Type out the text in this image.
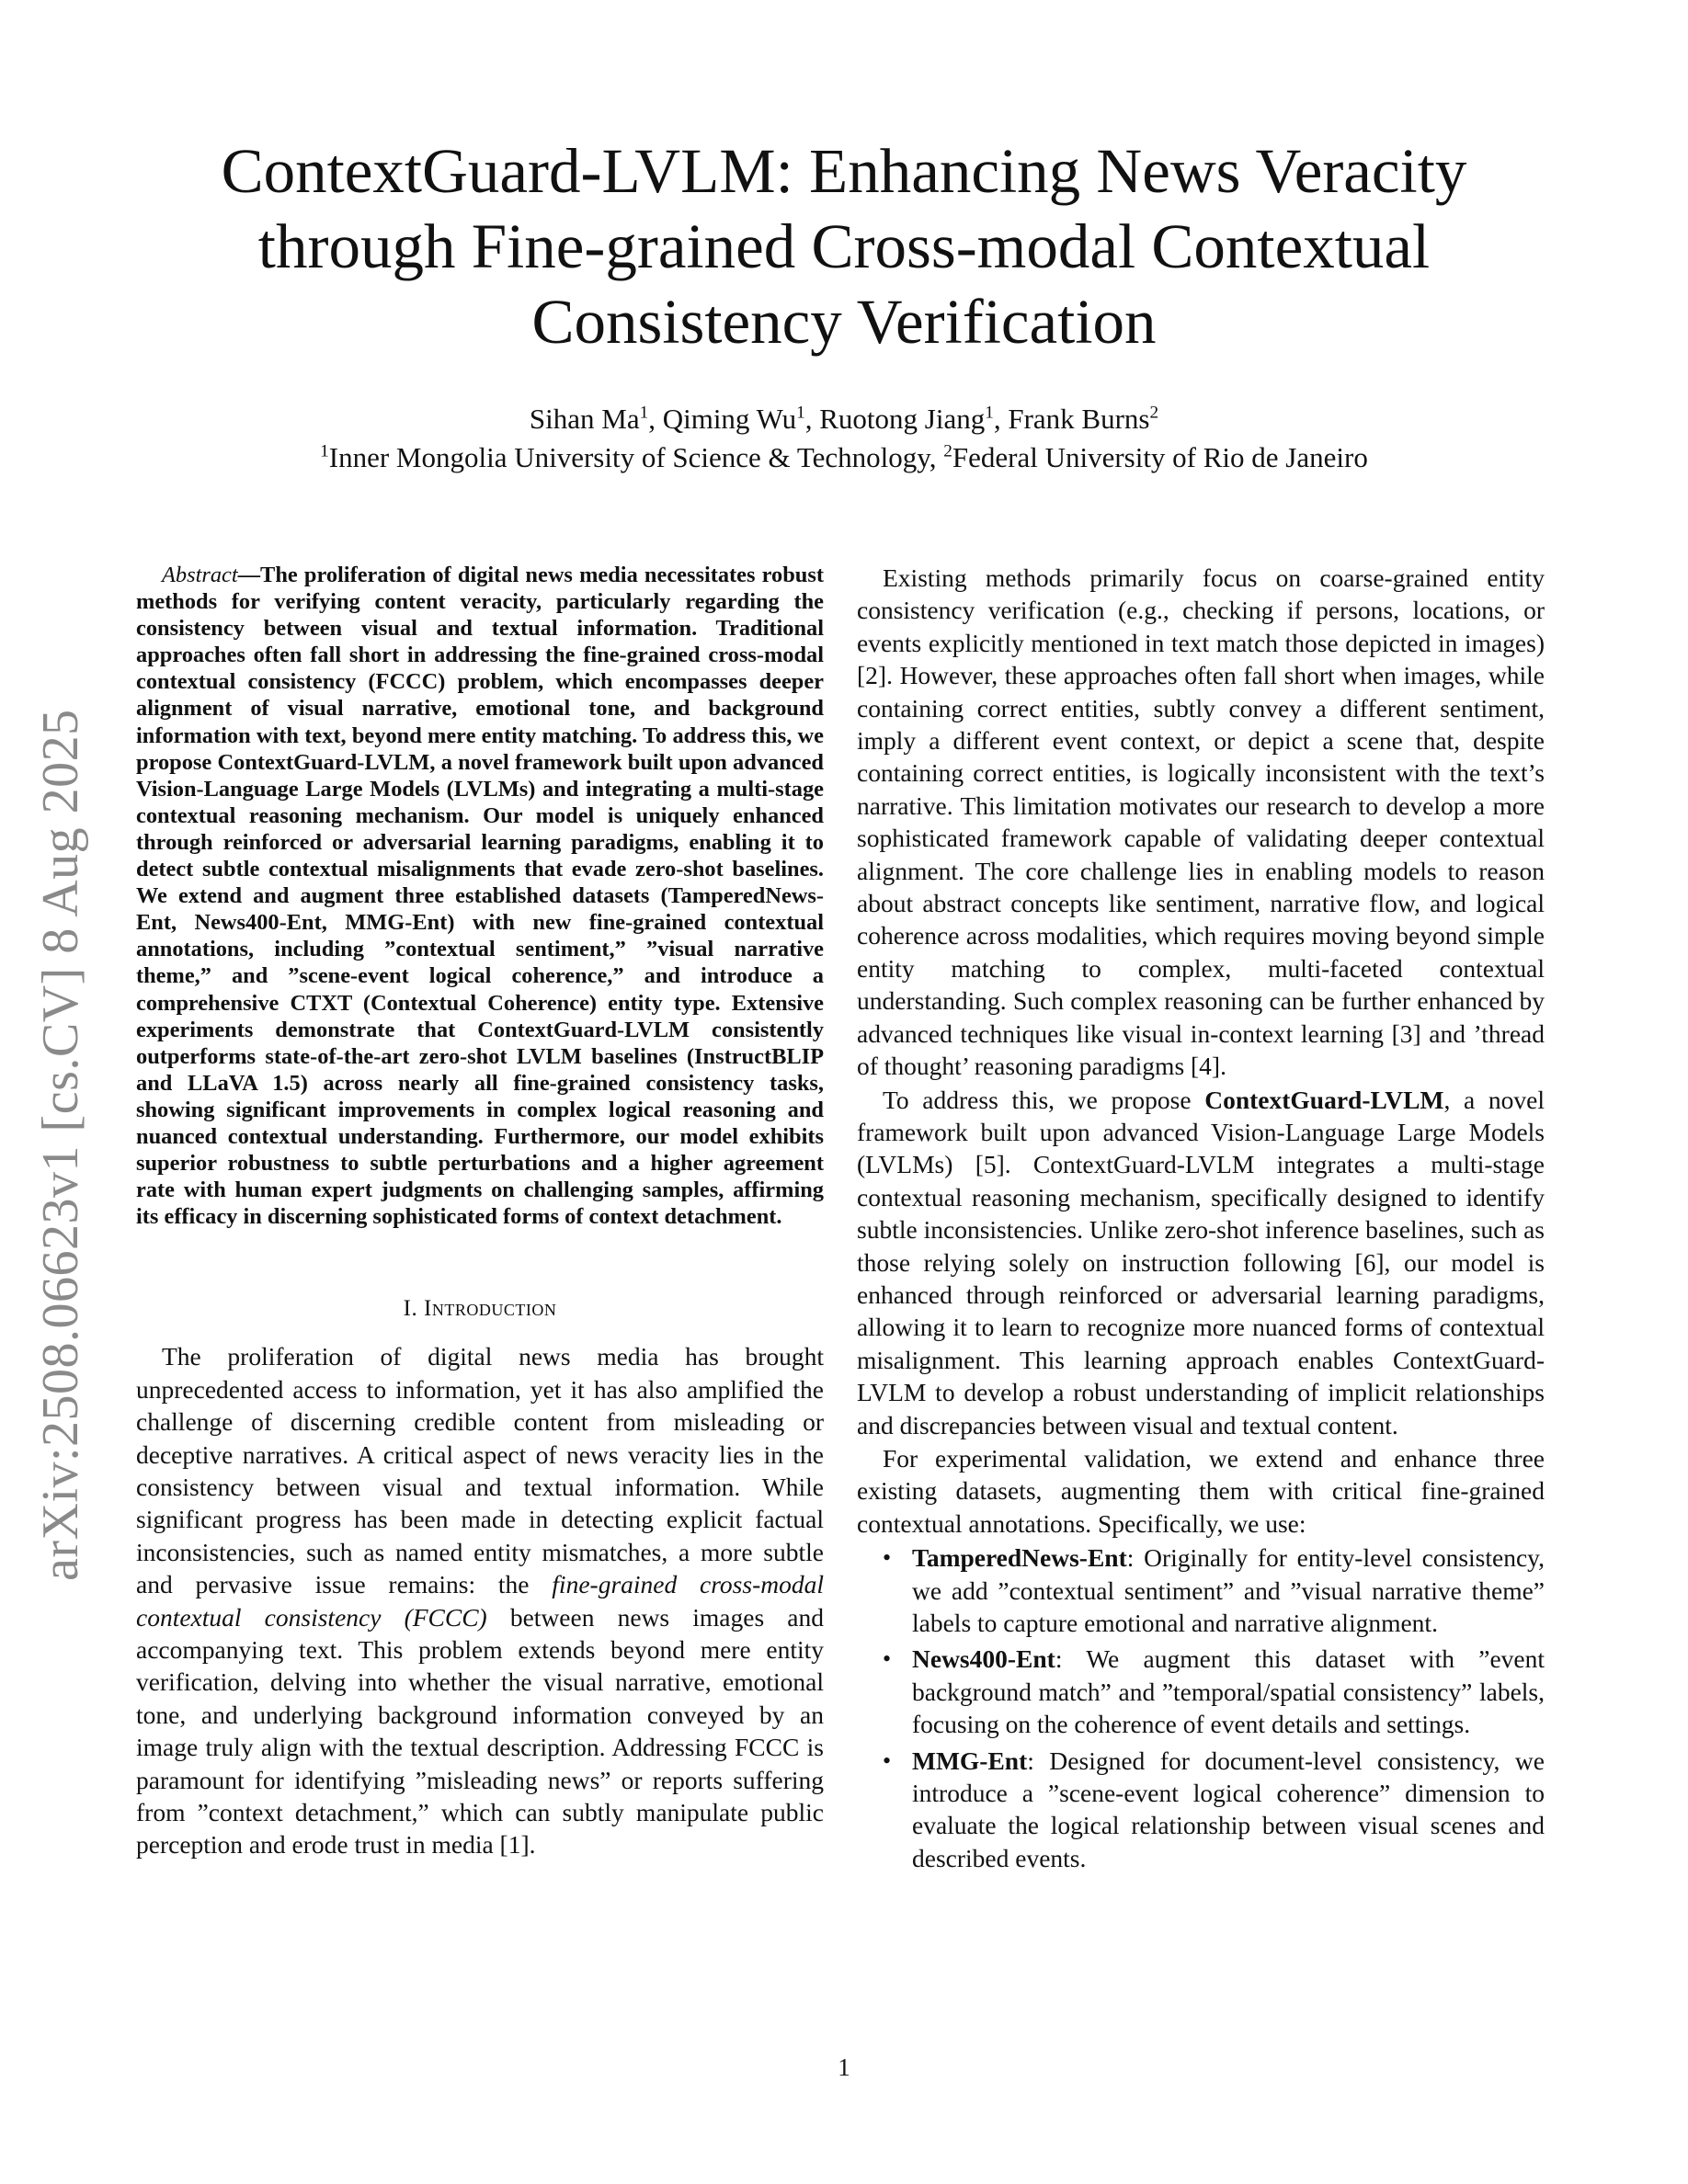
arXiv:2508.06623v1 [cs.CV] 8 Aug 2025
ContextGuard-LVLM: Enhancing News Veracity through Fine-grained Cross-modal Contextual Consistency Verification
Sihan Ma$^1$, Qiming Wu$^1$, Ruotong Jiang$^1$, Frank Burns$^2$
$^1$Inner Mongolia University of Science & Technology, $^2$Federal University of Rio de Janeiro

Abstract—The proliferation of digital news media necessitates robust methods for verifying content veracity, particularly regarding the consistency between visual and textual information. Traditional approaches often fall short in addressing the fine-grained cross-modal contextual consistency (FCCC) problem, which encompasses deeper alignment of visual narrative, emotional tone, and background information with text, beyond mere entity matching. To address this, we propose ContextGuard-LVLM, a novel framework built upon advanced Vision-Language Large Models (LVLMs) and integrating a multi-stage contextual reasoning mechanism. Our model is uniquely enhanced through reinforced or adversarial learning paradigms, enabling it to detect subtle contextual misalignments that evade zero-shot baselines. We extend and augment three established datasets (TamperedNews-Ent, News400-Ent, MMG-Ent) with new fine-grained contextual annotations, including ”contextual sentiment,” ”visual narrative theme,” and ”scene-event logical coherence,” and introduce a comprehensive CTXT (Contextual Coherence) entity type. Extensive experiments demonstrate that ContextGuard-LVLM consistently outperforms state-of-the-art zero-shot LVLM baselines (InstructBLIP and LLaVA 1.5) across nearly all fine-grained consistency tasks, showing significant improvements in complex logical reasoning and nuanced contextual understanding. Furthermore, our model exhibits superior robustness to subtle perturbations and a higher agreement rate with human expert judgments on challenging samples, affirming its efficacy in discerning sophisticated forms of context detachment.

I. Introduction

The proliferation of digital news media has brought unprecedented access to information, yet it has also amplified the challenge of discerning credible content from misleading or deceptive narratives. A critical aspect of news veracity lies in the consistency between visual and textual information. While significant progress has been made in detecting explicit factual inconsistencies, such as named entity mismatches, a more subtle and pervasive issue remains: the fine-grained cross-modal contextual consistency (FCCC) between news images and accompanying text. This problem extends beyond mere entity verification, delving into whether the visual narrative, emotional tone, and underlying background information conveyed by an image truly align with the textual description. Addressing FCCC is paramount for identifying ”misleading news” or reports suffering from ”context detachment,” which can subtly manipulate public perception and erode trust in media [1].

Existing methods primarily focus on coarse-grained entity consistency verification (e.g., checking if persons, locations, or events explicitly mentioned in text match those depicted in images) [2]. However, these approaches often fall short when images, while containing correct entities, subtly convey a different sentiment, imply a different event context, or depict a scene that, despite containing correct entities, is logically inconsistent with the text’s narrative. This limitation motivates our research to develop a more sophisticated framework capable of validating deeper contextual alignment. The core challenge lies in enabling models to reason about abstract concepts like sentiment, narrative flow, and logical coherence across modalities, which requires moving beyond simple entity matching to complex, multi-faceted contextual understanding. Such complex reasoning can be further enhanced by advanced techniques like visual in-context learning [3] and ’thread of thought’ reasoning paradigms [4].

To address this, we propose ContextGuard-LVLM, a novel framework built upon advanced Vision-Language Large Models (LVLMs) [5]. ContextGuard-LVLM integrates a multi-stage contextual reasoning mechanism, specifically designed to identify subtle inconsistencies. Unlike zero-shot inference baselines, such as those relying solely on instruction following [6], our model is enhanced through reinforced or adversarial learning paradigms, allowing it to learn to recognize more nuanced forms of contextual misalignment. This learning approach enables ContextGuard-LVLM to develop a robust understanding of implicit relationships and discrepancies between visual and textual content.

For experimental validation, we extend and enhance three existing datasets, augmenting them with critical fine-grained contextual annotations. Specifically, we use:

• TamperedNews-Ent: Originally for entity-level consistency, we add ”contextual sentiment” and ”visual narrative theme” labels to capture emotional and narrative alignment.
• News400-Ent: We augment this dataset with ”event background match” and ”temporal/spatial consistency” labels, focusing on the coherence of event details and settings.
• MMG-Ent: Designed for document-level consistency, we introduce a ”scene-event logical coherence” dimension to evaluate the logical relationship between visual scenes and described events.
1
